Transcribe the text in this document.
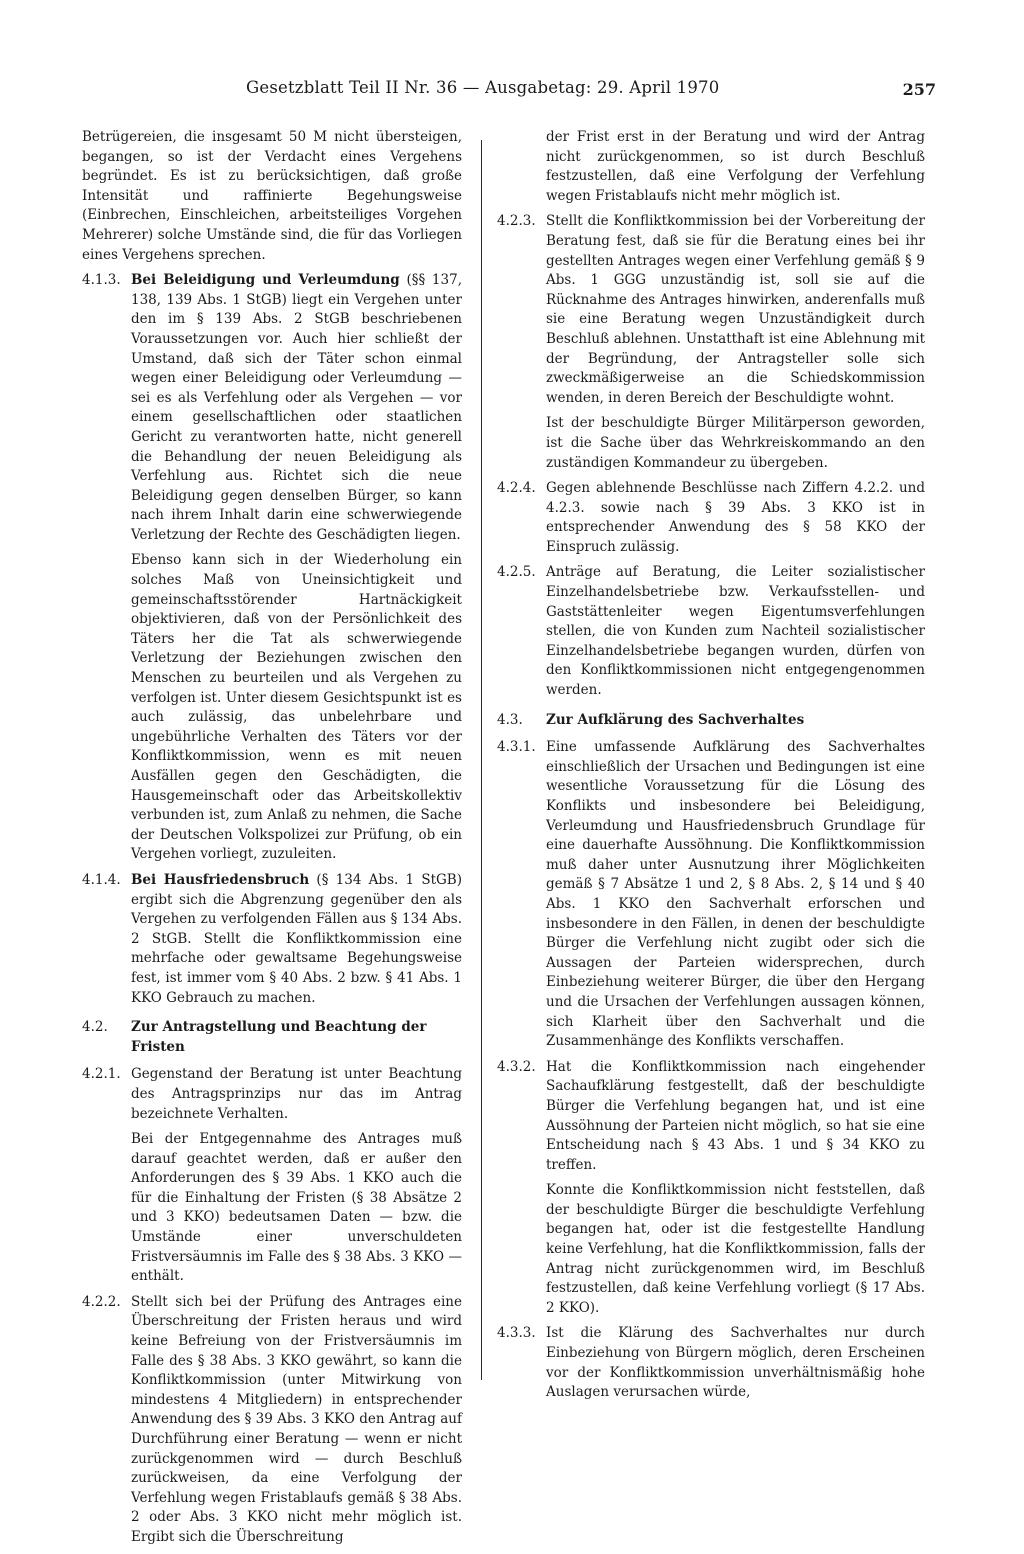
Gesetzblatt Teil II Nr. 36 — Ausgabetag: 29. April 1970	257

Betrügereien, die insgesamt 50 M nicht übersteigen, begangen, so ist der Verdacht eines Vergehens begründet. Es ist zu berücksichtigen, daß große Intensität und raffinierte Begehungsweise (Einbrechen, Einschleichen, arbeitsteiliges Vorgehen Mehrerer) solche Umstände sind, die für das Vorliegen eines Vergehens sprechen.

4.1.3. Bei Beleidigung und Verleumdung (§§ 137, 138, 139 Abs. 1 StGB) liegt ein Vergehen unter den im § 139 Abs. 2 StGB beschriebenen Voraussetzungen vor. Auch hier schließt der Umstand, daß sich der Täter schon einmal wegen einer Beleidigung oder Verleumdung — sei es als Verfehlung oder als Vergehen — vor einem gesellschaftlichen oder staatlichen Gericht zu verantworten hatte, nicht generell die Behandlung der neuen Beleidigung als Verfehlung aus. Richtet sich die neue Beleidigung gegen denselben Bürger, so kann nach ihrem Inhalt darin eine schwerwiegende Verletzung der Rechte des Geschädigten liegen.

Ebenso kann sich in der Wiederholung ein solches Maß von Uneinsichtigkeit und gemeinschaftsstörender Hartnäckigkeit objektivieren, daß von der Persönlichkeit des Täters her die Tat als schwerwiegende Verletzung der Beziehungen zwischen den Menschen zu beurteilen und als Vergehen zu verfolgen ist. Unter diesem Gesichtspunkt ist es auch zulässig, das unbelehrbare und ungebührliche Verhalten des Täters vor der Konfliktkommission, wenn es mit neuen Ausfällen gegen den Geschädigten, die Hausgemeinschaft oder das Arbeitskollektiv verbunden ist, zum Anlaß zu nehmen, die Sache der Deutschen Volkspolizei zur Prüfung, ob ein Vergehen vorliegt, zuzuleiten.

4.1.4. Bei Hausfriedensbruch (§ 134 Abs. 1 StGB) ergibt sich die Abgrenzung gegenüber den als Vergehen zu verfolgenden Fällen aus § 134 Abs. 2 StGB. Stellt die Konfliktkommission eine mehrfache oder gewaltsame Begehungsweise fest, ist immer vom § 40 Abs. 2 bzw. § 41 Abs. 1 KKO Gebrauch zu machen.

4.2.	Zur Antragstellung und Beachtung der Fristen
4.2.1. Gegenstand der Beratung ist unter Beachtung des Antragsprinzips nur das im Antrag bezeichnete Verhalten.

Bei der Entgegennahme des Antrages muß darauf geachtet werden, daß er außer den Anforderungen des § 39 Abs. 1 KKO auch die für die Einhaltung der Fristen (§ 38 Absätze 2 und 3 KKO) bedeutsamen Daten — bzw. die Umstände einer unverschuldeten Fristversäumnis im Falle des § 38 Abs. 3 KKO — enthält.

4.2.2. Stellt sich bei der Prüfung des Antrages eine Überschreitung der Fristen heraus und wird keine Befreiung von der Fristversäumnis im Falle des § 38 Abs. 3 KKO gewährt, so kann die Konfliktkommission (unter Mitwirkung von mindestens 4 Mitgliedern) in entsprechender Anwendung des § 39 Abs. 3 KKO den Antrag auf Durchführung einer Beratung — wenn er nicht zurückgenommen wird — durch Beschluß zurückweisen, da eine Verfolgung der Verfehlung wegen Fristablaufs gemäß § 38 Abs. 2 oder Abs. 3 KKO nicht mehr möglich ist. Ergibt sich die Überschreitung

der Frist erst in der Beratung und wird der Antrag nicht zurückgenommen, so ist durch Beschluß festzustellen, daß eine Verfolgung der Verfehlung wegen Fristablaufs nicht mehr möglich ist.

4.2.3. Stellt die Konfliktkommission bei der Vorbereitung der Beratung fest, daß sie für die Beratung eines bei ihr gestellten Antrages wegen einer Verfehlung gemäß § 9 Abs. 1 GGG unzuständig ist, soll sie auf die Rücknahme des Antrages hinwirken, anderenfalls muß sie eine Beratung wegen Unzuständigkeit durch Beschluß ablehnen. Unstatthaft ist eine Ablehnung mit der Begründung, der Antragsteller solle sich zweckmäßigerweise an die Schiedskommission wenden, in deren Bereich der Beschuldigte wohnt.

Ist der beschuldigte Bürger Militärperson geworden, ist die Sache über das Wehrkreiskommando an den zuständigen Kommandeur zu übergeben.

4.2.4. Gegen ablehnende Beschlüsse nach Ziffern 4.2.2. und 4.2.3. sowie nach § 39 Abs. 3 KKO ist in entsprechender Anwendung des § 58 KKO der Einspruch zulässig.

4.2.5. Anträge auf Beratung, die Leiter sozialistischer Einzelhandelsbetriebe bzw. Verkaufsstellen- und Gaststättenleiter wegen Eigentumsverfehlungen stellen, die von Kunden zum Nachteil sozialistischer Einzelhandelsbetriebe begangen wurden, dürfen von den Konfliktkommissionen nicht entgegengenommen werden.

4.3.	Zur Aufklärung des Sachverhaltes
4.3.1. Eine umfassende Aufklärung des Sachverhaltes einschließlich der Ursachen und Bedingungen ist eine wesentliche Voraussetzung für die Lösung des Konflikts und insbesondere bei Beleidigung, Verleumdung und Hausfriedensbruch Grundlage für eine dauerhafte Aussöhnung. Die Konfliktkommission muß daher unter Ausnutzung ihrer Möglichkeiten gemäß § 7 Absätze 1 und 2, § 8 Abs. 2, § 14 und § 40 Abs. 1 KKO den Sachverhalt erforschen und insbesondere in den Fällen, in denen der beschuldigte Bürger die Verfehlung nicht zugibt oder sich die Aussagen der Parteien widersprechen, durch Einbeziehung weiterer Bürger, die über den Hergang und die Ursachen der Verfehlungen aussagen können, sich Klarheit über den Sachverhalt und die Zusammenhänge des Konflikts verschaffen.

4.3.2. Hat die Konfliktkommission nach eingehender Sachaufklärung festgestellt, daß der beschuldigte Bürger die Verfehlung begangen hat, und ist eine Aussöhnung der Parteien nicht möglich, so hat sie eine Entscheidung nach § 43 Abs. 1 und § 34 KKO zu treffen.

Konnte die Konfliktkommission nicht feststellen, daß der beschuldigte Bürger die beschuldigte Verfehlung begangen hat, oder ist die festgestellte Handlung keine Verfehlung, hat die Konfliktkommission, falls der Antrag nicht zurückgenommen wird, im Beschluß festzustellen, daß keine Verfehlung vorliegt (§ 17 Abs. 2 KKO).

4.3.3. Ist die Klärung des Sachverhaltes nur durch Einbeziehung von Bürgern möglich, deren Erscheinen vor der Konfliktkommission unverhältnismäßig hohe Auslagen verursachen würde,
